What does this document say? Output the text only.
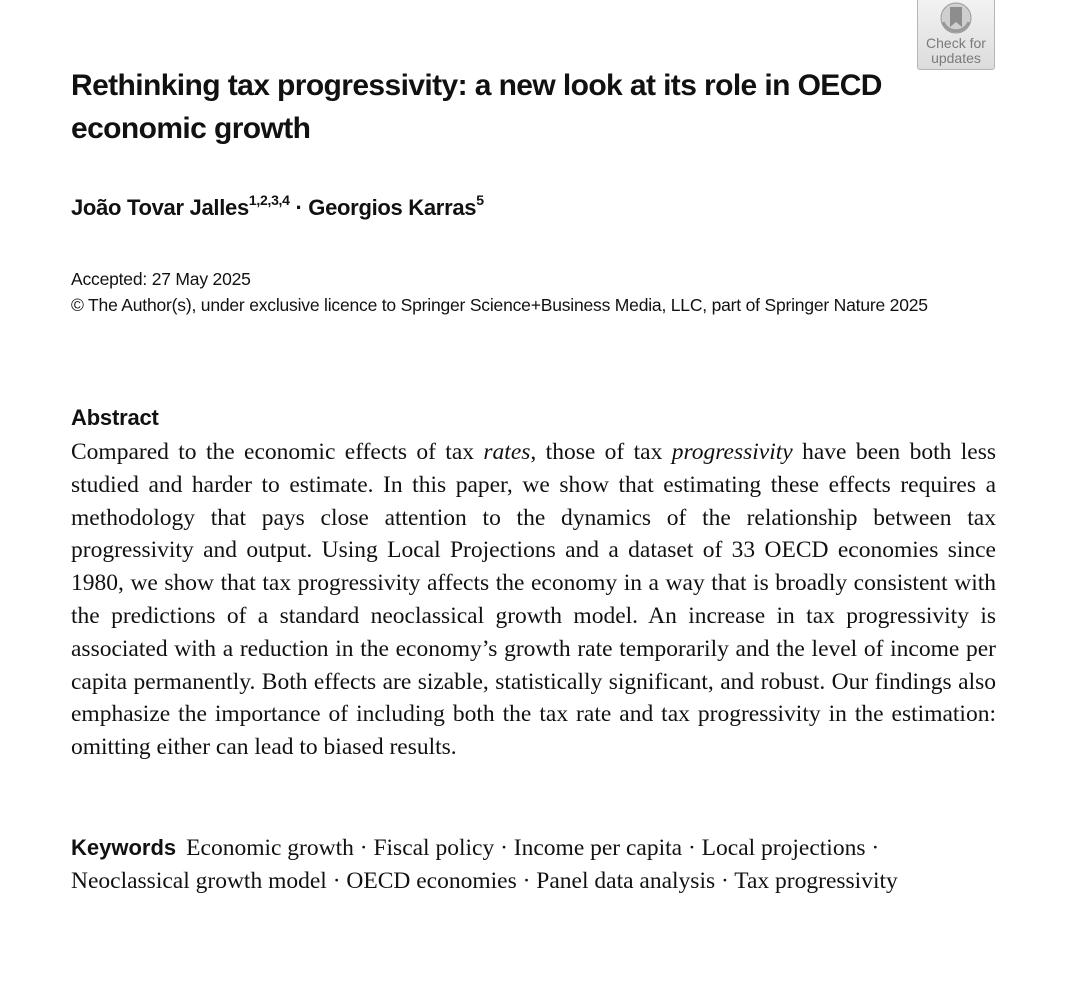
Check for
updates
Rethinking tax progressivity: a new look at its role in OECD economic growth
João Tovar Jalles$^{1,2,3,4}$ · Georgios Karras$^5$
Accepted: 27 May 2025
© The Author(s), under exclusive licence to Springer Science+Business Media, LLC, part of Springer Nature 2025
Abstract

Compared to the economic effects of tax rates, those of tax progressivity have been both less studied and harder to estimate. In this paper, we show that estimating these effects requires a methodology that pays close attention to the dynamics of the relationship between tax progressivity and output. Using Local Projections and a dataset of 33 OECD economies since 1980, we show that tax progressivity affects the economy in a way that is broadly consistent with the predictions of a standard neoclassical growth model. An increase in tax progressivity is associated with a reduction in the economy’s growth rate temporarily and the level of income per capita permanently. Both effects are sizable, statistically significant, and robust. Our findings also emphasize the importance of including both the tax rate and tax progressivity in the estimation: omitting either can lead to biased results.

Keywords Economic growth · Fiscal policy · Income per capita · Local projections · Neoclassical growth model · OECD economies · Panel data analysis · Tax progressivity
